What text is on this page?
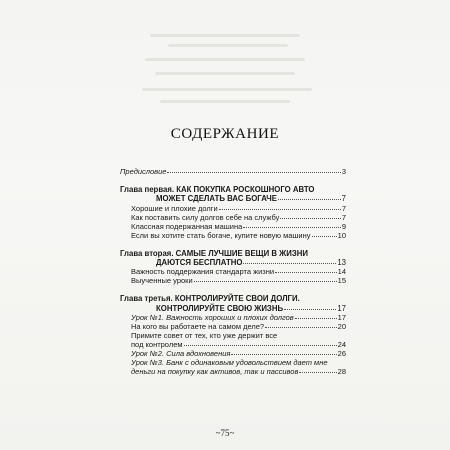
СОДЕРЖАНИЕ
Предисловие	3
Глава первая. КАК ПОКУПКА РОСКОШНОГО АВТО
МОЖЕТ СДЕЛАТЬ ВАС БОГАЧЕ	7
Хорошие и плохие долги	7
Как поставить силу долгов себе на службу	7
Классная подержанная машина	9
Если вы хотите стать богаче, купите новую машину	10
Глава вторая. САМЫЕ ЛУЧШИЕ ВЕЩИ В ЖИЗНИ
ДАЮТСЯ БЕСПЛАТНО	13
Важность поддержания стандарта жизни	14
Выученные уроки	15
Глава третья. КОНТРОЛИРУЙТЕ СВОИ ДОЛГИ.
КОНТРОЛИРУЙТЕ СВОЮ ЖИЗНЬ	17
Урок №1. Важность хороших и плохих долгов	17
На кого вы работаете на самом деле?	20
Примите совет от тех, кто уже держит все
под контролем	24
Урок №2. Сила вдохновения	26
Урок №3. Банк с одинаковым удовольствием дает мне
деньги на покупку как активов, так и пассивов	28
~75~
